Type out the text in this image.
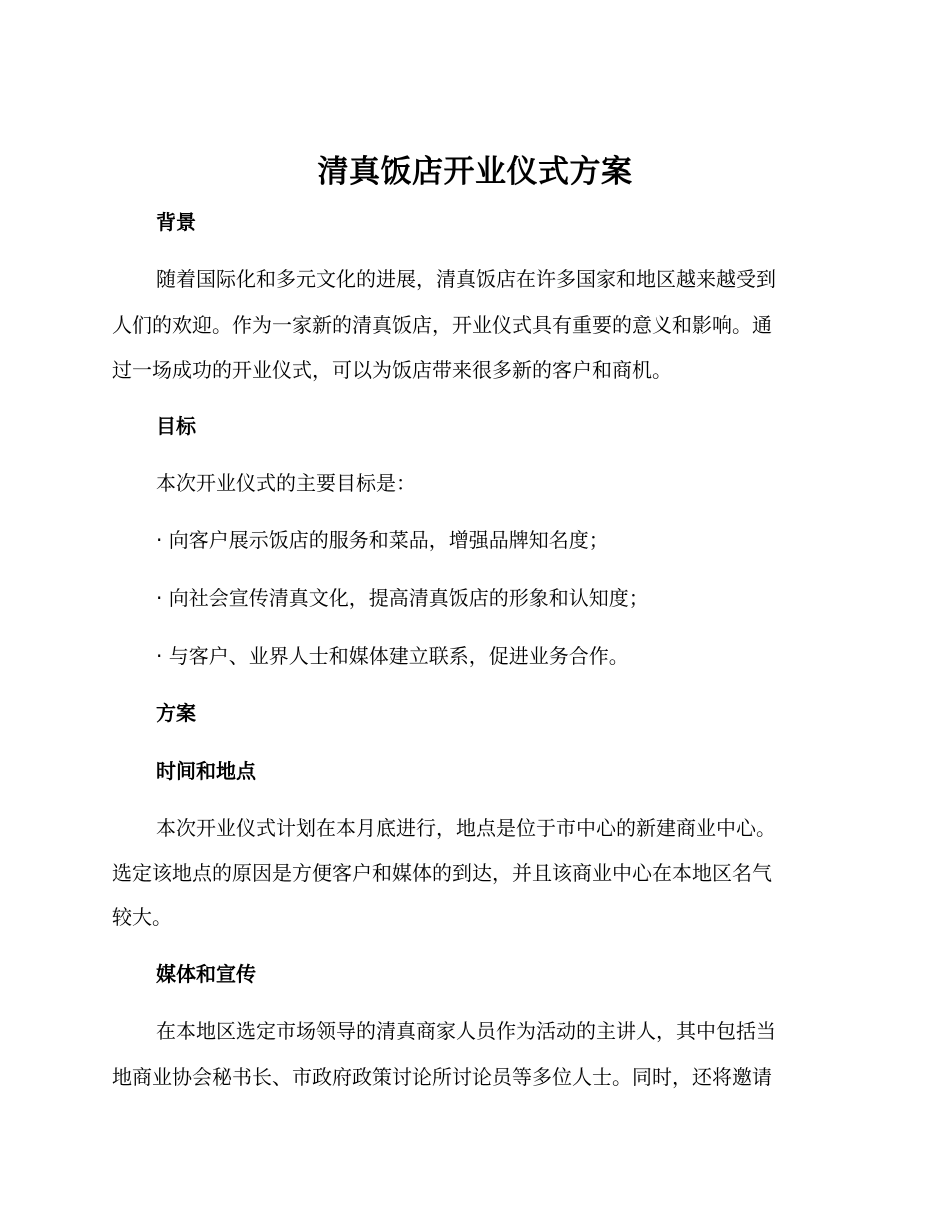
清真饭店开业仪式方案
背景
随着国际化和多元文化的进展，清真饭店在许多国家和地区越来越受到
人们的欢迎。作为一家新的清真饭店，开业仪式具有重要的意义和影响。通
过一场成功的开业仪式，可以为饭店带来很多新的客户和商机。
目标
本次开业仪式的主要目标是：
· 向客户展示饭店的服务和菜品，增强品牌知名度；
· 向社会宣传清真文化，提高清真饭店的形象和认知度；
· 与客户、业界人士和媒体建立联系，促进业务合作。
方案
时间和地点
本次开业仪式计划在本月底进行，地点是位于市中心的新建商业中心。
选定该地点的原因是方便客户和媒体的到达，并且该商业中心在本地区名气
较大。
媒体和宣传
在本地区选定市场领导的清真商家人员作为活动的主讲人，其中包括当
地商业协会秘书长、市政府政策讨论所讨论员等多位人士。同时，还将邀请
